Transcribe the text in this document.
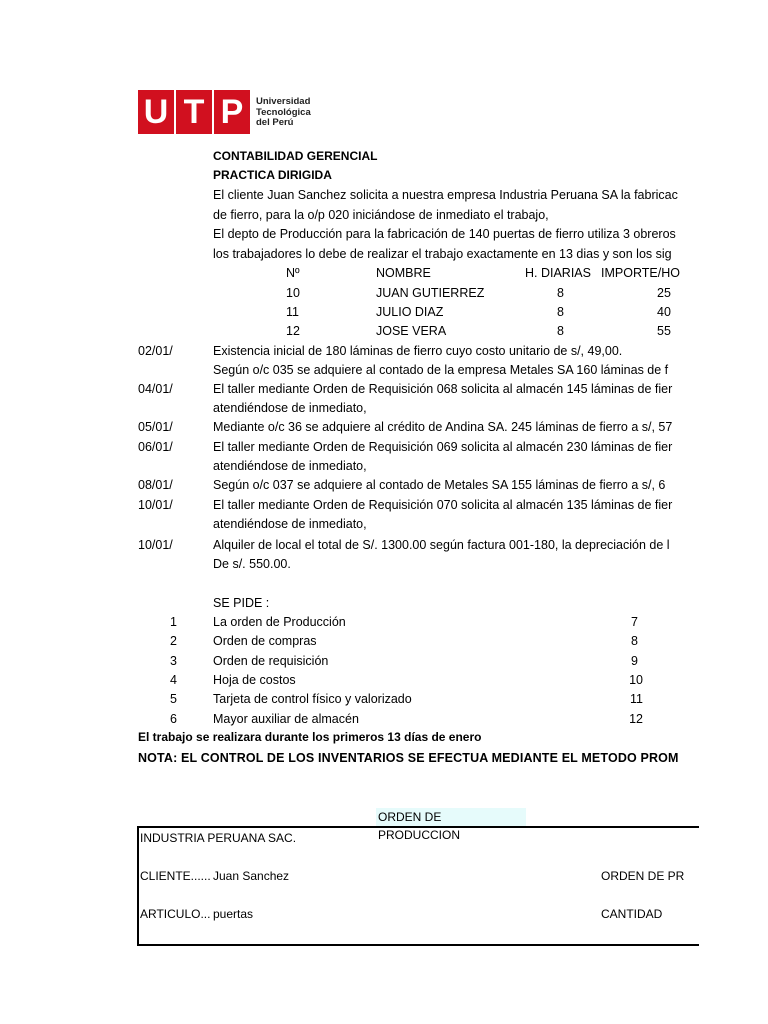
U T P	Universidad
Tecnológica
del Perú
CONTABILIDAD GERENCIAL
PRACTICA DIRIGIDA
El cliente Juan Sanchez solicita a nuestra empresa Industria Peruana SA la fabricac
de fierro, para la o/p 020 iniciándose de inmediato el trabajo,
El depto de Producción para la fabricación de 140 puertas de fierro utiliza 3 obreros
los trabajadores lo debe de realizar el trabajo exactamente en 13 dias y son los sig
Nº	NOMBRE	H. DIARIAS IMPORTE/HO
10	JUAN GUTIERREZ	8	25
11	JULIO DIAZ	8	40
12	JOSE VERA	8	55
02/01/	Existencia inicial de 180 láminas de fierro cuyo costo unitario de s/, 49,00.
Según o/c 035 se adquiere al contado de la empresa Metales SA 160 láminas de f
04/01/	El taller mediante Orden de Requisición 068 solicita al almacén 145 láminas de fier
atendiéndose de inmediato,
05/01/	Mediante o/c 36 se adquiere al crédito de Andina SA. 245 láminas de fierro a s/, 57
06/01/	El taller mediante Orden de Requisición 069 solicita al almacén 230 láminas de fier
atendiéndose de inmediato,
08/01/	Según o/c 037 se adquiere al contado de Metales SA 155 láminas de fierro a s/, 6
10/01/	El taller mediante Orden de Requisición 070 solicita al almacén 135 láminas de fier
atendiéndose de inmediato,
10/01/	Alquiler de local el total de S/. 1300.00 según factura 001-180, la depreciación de l
De s/. 550.00.
SE PIDE :
1	La orden de Producción	7
2	Orden de compras	8
3	Orden de requisición	9
4	Hoja de costos	10
5	Tarjeta de control físico y valorizado	11
6	Mayor auxiliar de almacén	12
El trabajo se realizara durante los primeros 13 días de enero
NOTA: EL CONTROL DE LOS INVENTARIOS SE EFECTUA MEDIANTE EL METODO PROM
ORDEN DE PRODUCCION
INDUSTRIA PERUANA SAC.
CLIENTE...... Juan Sanchez	ORDEN DE PR
ARTICULO... puertas	CANTIDAD
